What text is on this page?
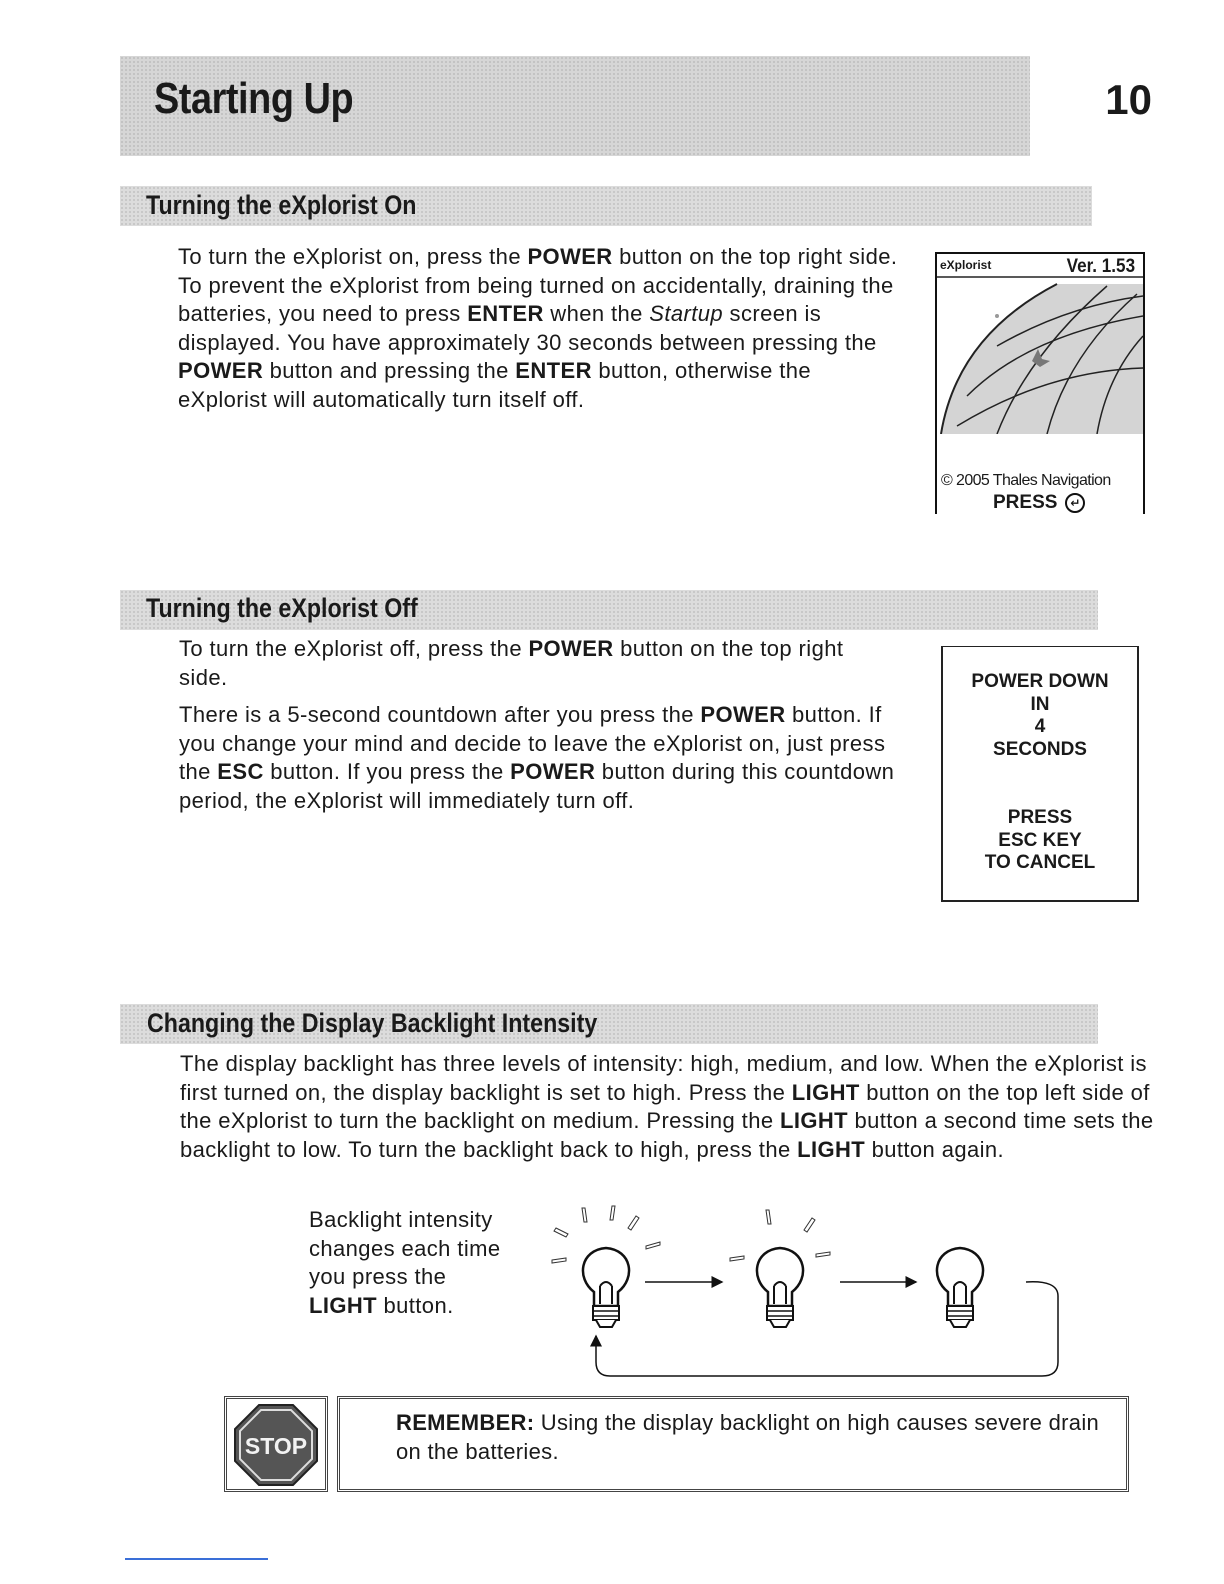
Starting Up	10
Turning the eXplorist On

To turn the eXplorist on, press the POWER button on the top right side. To prevent the eXplorist from being turned on accidentally, draining the batteries, you need to press ENTER when the Startup screen is displayed. You have approximately 30 seconds between pressing the POWER button and pressing the ENTER button, otherwise the eXplorist will automatically turn itself off.

eXplorist	Ver. 1.53
© 2005 Thales Navigation
PRESS	↵
Turning the eXplorist Off

To turn the eXplorist off, press the POWER button on the top right side.

There is a 5-second countdown after you press the POWER button. If you change your mind and decide to leave the eXplorist on, just press the ESC button. If you press the POWER button during this countdown period, the eXplorist will immediately turn off.

POWER DOWN
IN
4
SECONDS
PRESS
ESC KEY
TO CANCEL
Changing the Display Backlight Intensity

The display backlight has three levels of intensity: high, medium, and low. When the eXplorist is first turned on, the display backlight is set to high. Press the LIGHT button on the top left side of the eXplorist to turn the backlight on medium. Pressing the LIGHT button a second time sets the backlight to low. To turn the backlight back to high, press the LIGHT button again.

Backlight intensity changes each time you press the LIGHT button.
STOP
REMEMBER: Using the display backlight on high causes severe drain on the batteries.
